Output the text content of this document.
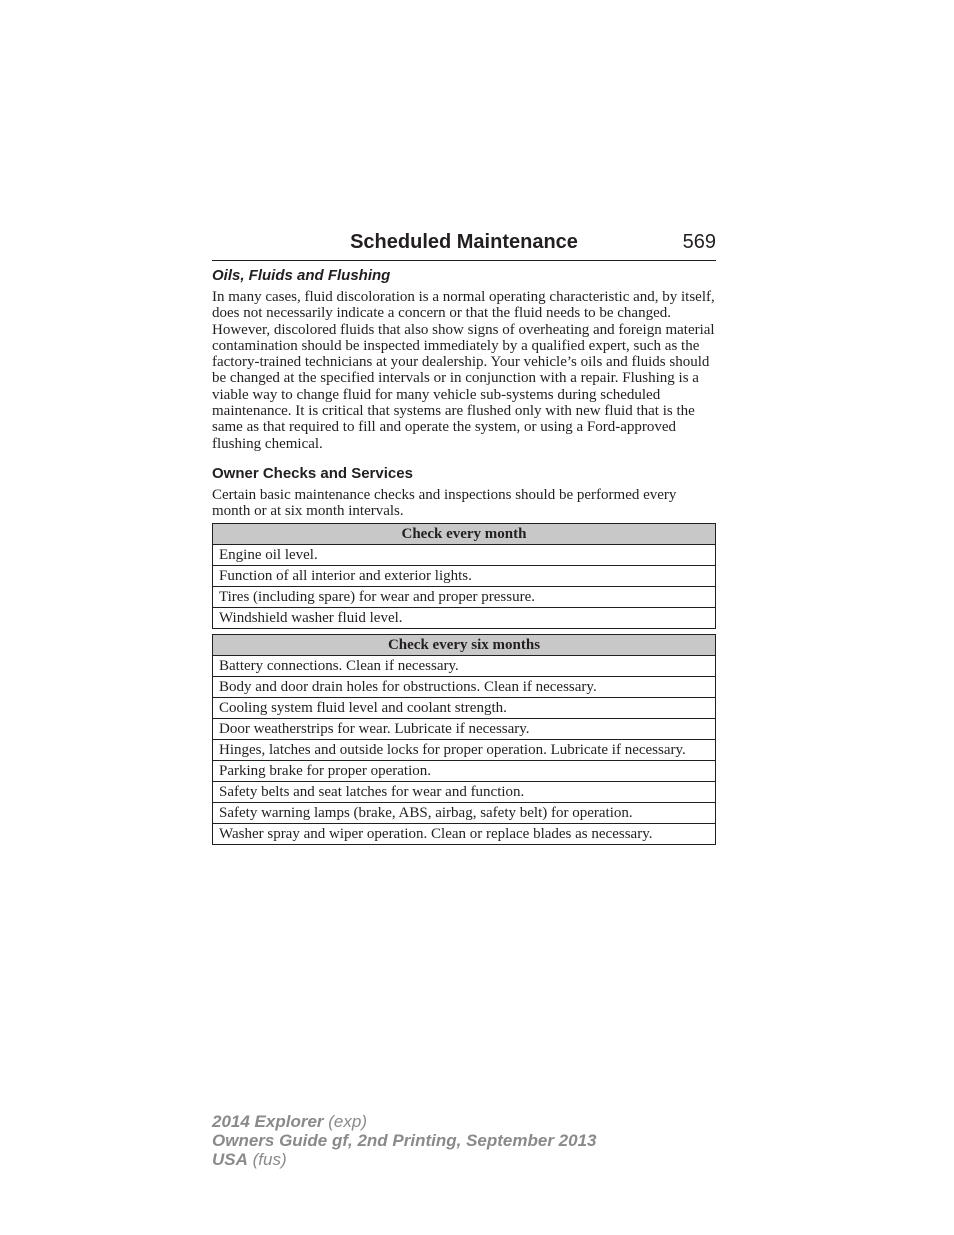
Scheduled Maintenance	569
Oils, Fluids and Flushing

In many cases, fluid discoloration is a normal operating characteristic and, by itself, does not necessarily indicate a concern or that the fluid needs to be changed. However, discolored fluids that also show signs of overheating and foreign material contamination should be inspected immediately by a qualified expert, such as the factory-trained technicians at your dealership. Your vehicle’s oils and fluids should be changed at the specified intervals or in conjunction with a repair. Flushing is a viable way to change fluid for many vehicle sub-systems during scheduled maintenance. It is critical that systems are flushed only with new fluid that is the same as that required to fill and operate the system, or using a Ford-approved flushing chemical.

Owner Checks and Services

Certain basic maintenance checks and inspections should be performed every month or at six month intervals.

Check every month
Engine oil level.
Function of all interior and exterior lights.
Tires (including spare) for wear and proper pressure.
Windshield washer fluid level.
Check every six months
Battery connections. Clean if necessary.
Body and door drain holes for obstructions. Clean if necessary.
Cooling system fluid level and coolant strength.
Door weatherstrips for wear. Lubricate if necessary.
Hinges, latches and outside locks for proper operation. Lubricate if necessary.
Parking brake for proper operation.
Safety belts and seat latches for wear and function.
Safety warning lamps (brake, ABS, airbag, safety belt) for operation.
Washer spray and wiper operation. Clean or replace blades as necessary.
2014 Explorer (exp)
Owners Guide gf, 2nd Printing, September 2013
USA (fus)
